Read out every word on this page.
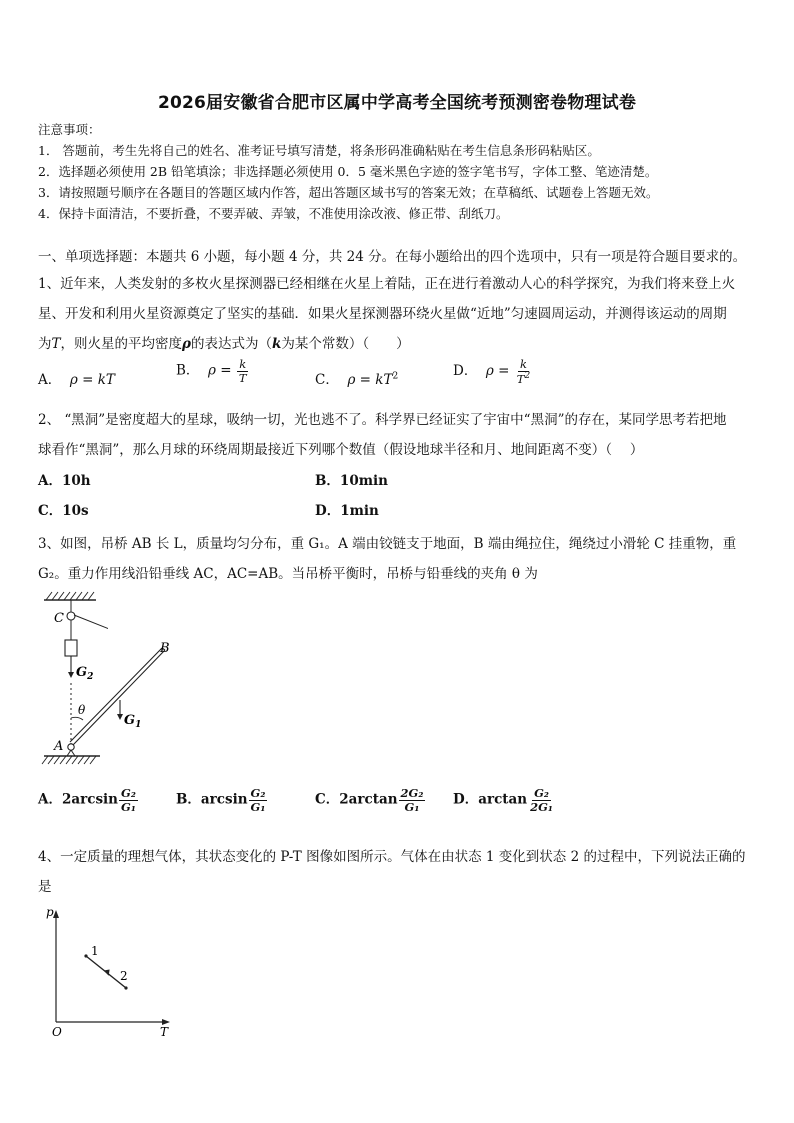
2026届安徽省合肥市区属中学高考全国统考预测密卷物理试卷
注意事项：
1． 答题前，考生先将自己的姓名、准考证号填写清楚，将条形码准确粘贴在考生信息条形码粘贴区。
2．选择题必须使用 2B 铅笔填涂；非选择题必须使用 0．5 毫米黑色字迹的签字笔书写，字体工整、笔迹清楚。
3．请按照题号顺序在各题目的答题区域内作答，超出答题区域书写的答案无效；在草稿纸、试题卷上答题无效。
4．保持卡面清洁，不要折叠，不要弄破、弄皱，不准使用涂改液、修正带、刮纸刀。
一、单项选择题：本题共 6 小题，每小题 4 分，共 24 分。在每小题给出的四个选项中，只有一项是符合题目要求的。
1、近年来，人类发射的多枚火星探测器已经相继在火星上着陆，正在进行着激动人心的科学探究，为我们将来登上火
星、开发和利用火星资源奠定了坚实的基础．如果火星探测器环绕火星做“近地”匀速圆周运动，并测得该运动的周期
为T，则火星的平均密度ρ的表达式为（k为某个常数）（　　）
A． ρ = kT
B． $\rho = \frac{k}{T}$	C． $\rho = kT^2$	D． $\rho = \frac{k}{T^2}$
2、 “黑洞”是密度超大的星球，吸纳一切，光也逃不了。科学界已经证实了宇宙中“黑洞”的存在，某同学思考若把地
球看作“黑洞”，那么月球的环绕周期最接近下列哪个数值（假设地球半径和月、地间距离不变）（　 ）
A．10h	B．10min
C．10s	D．1min
3、如图，吊桥 AB 长 L，质量均匀分布，重 G₁。A 端由铰链支于地面，B 端由绳拉住，绳绕过小滑轮 C 挂重物，重
G₂。重力作用线沿铅垂线 AC，AC=AB。当吊桥平衡时，吊桥与铅垂线的夹角 θ 为
C
B
A
θ
$G_2$
$G_1$
A．$2\arcsin \frac{\text{G₂}}{\text{G₁}}$	B．$\arcsin \frac{\text{G₂}}{\text{G₁}}$	C．$2\arctan \frac{\text{2G₂}}{\text{G₁}}$ D．$\arctan \frac{\text{G₂}}{\text{2G₁}}$
4、一定质量的理想气体，其状态变化的 P-T 图像如图所示。气体在由状态 1 变化到状态 2 的过程中，下列说法正确的
是
p
T
O
1
2
